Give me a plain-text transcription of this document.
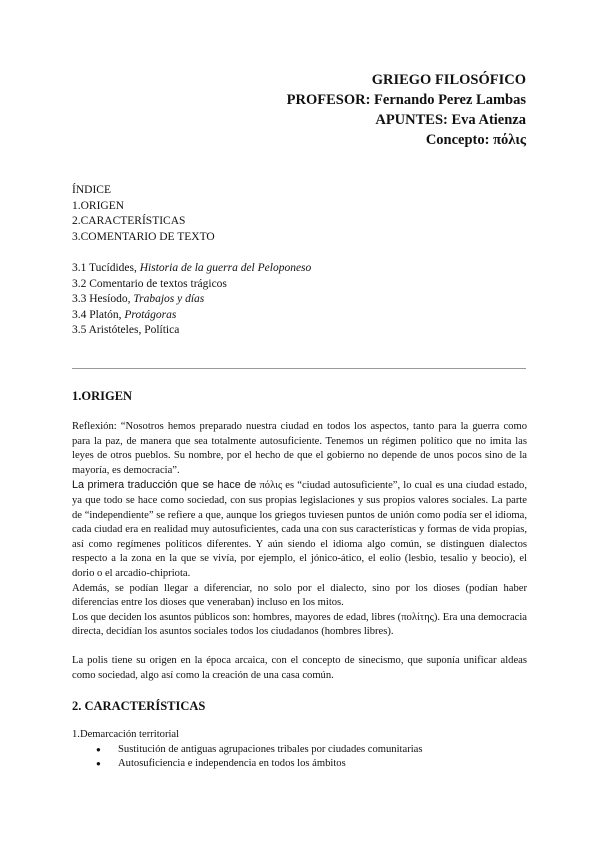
GRIEGO FILOSÓFICO
PROFESOR: Fernando Perez Lambas
APUNTES: Eva Atienza
Concepto: πόλις
ÍNDICE
1.ORIGEN
2.CARACTERÍSTICAS
3.COMENTARIO DE TEXTO
3.1 Tucídides, Historia de la guerra del Peloponeso
3.2 Comentario de textos trágicos
3.3 Hesíodo, Trabajos y días
3.4 Platón, Protágoras
3.5 Aristóteles, Política
1.ORIGEN

Reflexión: “Nosotros hemos preparado nuestra ciudad en todos los aspectos, tanto para la guerra como para la paz, de manera que sea totalmente autosuficiente. Tenemos un régimen político que no imita las leyes de otros pueblos. Su nombre, por el hecho de que el gobierno no depende de unos pocos sino de la mayoría, es democracia”.

La primera traducción que se hace de πόλις es “ciudad autosuficiente”, lo cual es una ciudad estado, ya que todo se hace como sociedad, con sus propias legislaciones y sus propios valores sociales. La parte de “independiente” se refiere a que, aunque los griegos tuviesen puntos de unión como podía ser el idioma, cada ciudad era en realidad muy autosuficientes, cada una con sus características y formas de vida propias, así como regímenes políticos diferentes. Y aún siendo el idioma algo común, se distinguen dialectos respecto a la zona en la que se vivía, por ejemplo, el jónico-ático, el eolio (lesbio, tesalio y beocio), el dorio o el arcadio-chipriota.

Además, se podían llegar a diferenciar, no solo por el dialecto, sino por los dioses (podían haber diferencias entre los dioses que veneraban) incluso en los mitos.

Los que deciden los asuntos públicos son: hombres, mayores de edad, libres (πολίτης). Era una democracia directa, decidían los asuntos sociales todos los ciudadanos (hombres libres).

La polis tiene su origen en la época arcaica, con el concepto de sinecismo, que suponía unificar aldeas como sociedad, algo así como la creación de una casa común.

2. CARACTERÍSTICAS
1.Demarcación territorial
● Sustitución de antiguas agrupaciones tribales por ciudades comunitarias
● Autosuficiencia e independencia en todos los ámbitos
